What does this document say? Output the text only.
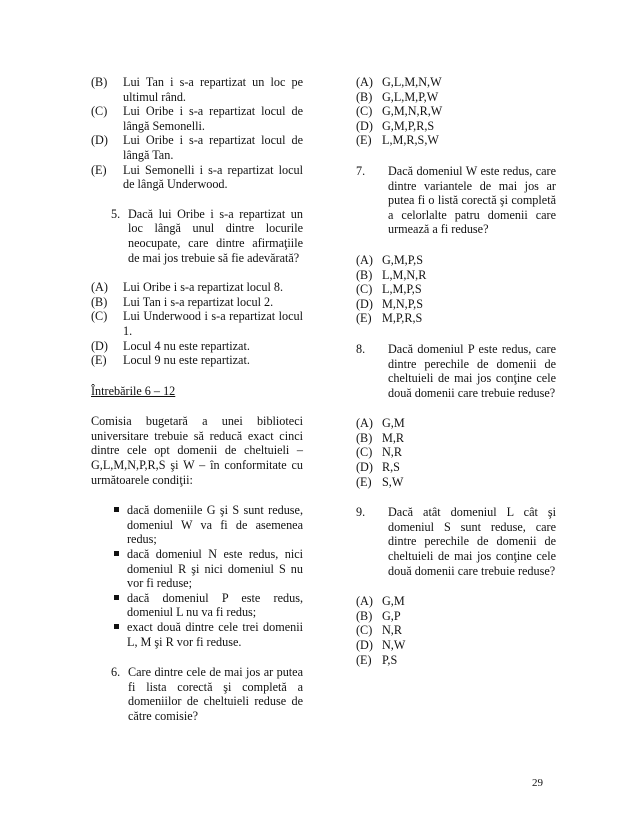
(B) Lui Tan i s-a repartizat un loc pe ultimul rând.
(C) Lui Oribe i s-a repartizat locul de lângă Semonelli.
(D) Lui Oribe i s-a repartizat locul de lângă Tan.
(E) Lui Semonelli i s-a repartizat locul de lângă Underwood.
5. Dacă lui Oribe i s-a repartizat un loc lângă unul dintre locurile neocupate, care dintre afirmaţiile de mai jos trebuie să fie adevărată?
(A) Lui Oribe i s-a repartizat locul 8.
(B) Lui Tan i s-a repartizat locul 2.
(C) Lui Underwood i s-a repartizat locul 1.
(D) Locul 4 nu este repartizat.
(E) Locul 9 nu este repartizat.
Întrebările 6 – 12
Comisia bugetară a unei biblioteci universitare trebuie să reducă exact cinci dintre cele opt domenii de cheltuieli – G,L,M,N,P,R,S şi W – în conformitate cu următoarele condiţii:
dacă domeniile G şi S sunt reduse, domeniul W va fi de asemenea redus;
dacă domeniul N este redus, nici domeniul R şi nici domeniul S nu vor fi reduse;
dacă domeniul P este redus, domeniul L nu va fi redus;
exact două dintre cele trei domenii L, M şi R vor fi reduse.
6. Care dintre cele de mai jos ar putea fi lista corectă şi completă a domeniilor de cheltuieli reduse de către comisie?
(A) G,L,M,N,W
(B) G,L,M,P,W
(C) G,M,N,R,W
(D) G,M,P,R,S
(E) L,M,R,S,W
7. Dacă domeniul W este redus, care dintre variantele de mai jos ar putea fi o listă corectă şi completă a celorlalte patru domenii care urmează a fi reduse?
(A) G,M,P,S
(B) L,M,N,R
(C) L,M,P,S
(D) M,N,P,S
(E) M,P,R,S
8. Dacă domeniul P este redus, care dintre perechile de domenii de cheltuieli de mai jos conţine cele două domenii care trebuie reduse?
(A) G,M
(B) M,R
(C) N,R
(D) R,S
(E) S,W
9. Dacă atât domeniul L cât şi domeniul S sunt reduse, care dintre perechile de domenii de cheltuieli de mai jos conţine cele două domenii care trebuie reduse?
(A) G,M
(B) G,P
(C) N,R
(D) N,W
(E) P,S
29
